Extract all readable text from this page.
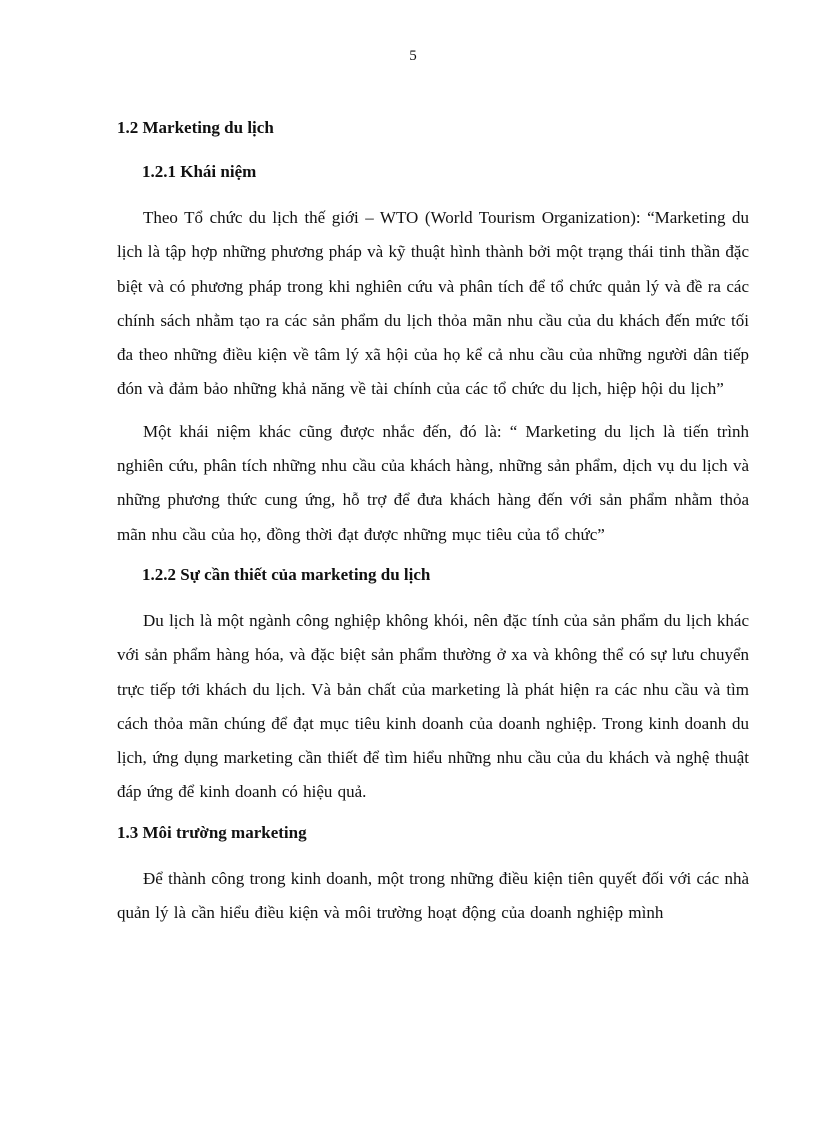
5
1.2 Marketing du lịch
1.2.1 Khái niệm

Theo Tổ chức du lịch thế giới – WTO (World Tourism Organization): “Marketing du lịch là tập hợp những phương pháp và kỹ thuật hình thành bởi một trạng thái tinh thần đặc biệt và có phương pháp trong khi nghiên cứu và phân tích để tổ chức quản lý và đề ra các chính sách nhằm tạo ra các sản phẩm du lịch thỏa mãn nhu cầu của du khách đến mức tối đa theo những điều kiện về tâm lý xã hội của họ kể cả nhu cầu của những người dân tiếp đón và đảm bảo những khả năng về tài chính của các tổ chức du lịch, hiệp hội du lịch”

Một khái niệm khác cũng được nhắc đến, đó là: “ Marketing du lịch là tiến trình nghiên cứu, phân tích những nhu cầu của khách hàng, những sản phẩm, dịch vụ du lịch và những phương thức cung ứng, hỗ trợ để đưa khách hàng đến với sản phẩm nhằm thỏa mãn nhu cầu của họ, đồng thời đạt được những mục tiêu của tổ chức”

1.2.2 Sự cần thiết của marketing du lịch

Du lịch là một ngành công nghiệp không khói, nên đặc tính của sản phẩm du lịch khác với sản phẩm hàng hóa, và đặc biệt sản phẩm thường ở xa và không thể có sự lưu chuyển trực tiếp tới khách du lịch. Và bản chất của marketing là phát hiện ra các nhu cầu và tìm cách thỏa mãn chúng để đạt mục tiêu kinh doanh của doanh nghiệp. Trong kinh doanh du lịch, ứng dụng marketing cần thiết để tìm hiểu những nhu cầu của du khách và nghệ thuật đáp ứng để kinh doanh có hiệu quả.

1.3 Môi trường marketing

Để thành công trong kinh doanh, một trong những điều kiện tiên quyết đối với các nhà quản lý là cần hiểu điều kiện và môi trường hoạt động của doanh nghiệp mình
